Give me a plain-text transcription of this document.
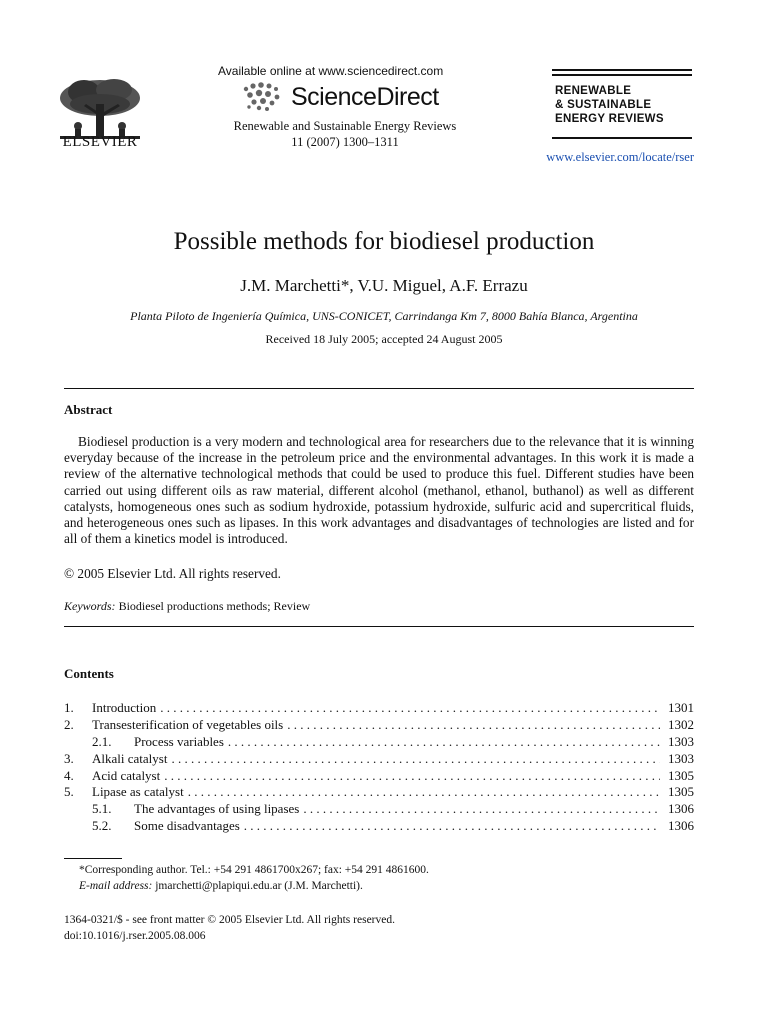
ELSEVIER
Available online at www.sciencedirect.com
ScienceDirect
Renewable and Sustainable Energy Reviews
11 (2007) 1300–1311
RENEWABLE
& SUSTAINABLE
ENERGY REVIEWS
www.elsevier.com/locate/rser
Possible methods for biodiesel production
J.M. Marchetti*, V.U. Miguel, A.F. Errazu
Planta Piloto de Ingeniería Química, UNS-CONICET, Carrindanga Km 7, 8000 Bahía Blanca, Argentina
Received 18 July 2005; accepted 24 August 2005
Abstract
Biodiesel production is a very modern and technological area for researchers due to the relevance that it is winning everyday because of the increase in the petroleum price and the environmental advantages. In this work it is made a review of the alternative technological methods that could be used to produce this fuel. Different studies have been carried out using different oils as raw material, different alcohol (methanol, ethanol, buthanol) as well as different catalysts, homogeneous ones such as sodium hydroxide, potassium hydroxide, sulfuric acid and supercritical fluids, and heterogeneous ones such as lipases. In this work advantages and disadvantages of technologies are listed and for all of them a kinetics model is introduced.
© 2005 Elsevier Ltd. All rights reserved.
Keywords: Biodiesel productions methods; Review
Contents
1.	Introduction . . .	1301
2.	Transesterification of vegetables oils . . .	1302
2.1.	Process variables . . .	1303
3.	Alkali catalyst . . .	1303
4.	Acid catalyst . . .	1305
5.	Lipase as catalyst . . .	1305
5.1.	The advantages of using lipases . . .	1306
5.2.	Some disadvantages . . .	1306
*Corresponding author. Tel.: +54 291 4861700x267; fax: +54 291 4861600.
E-mail address: jmarchetti@plapiqui.edu.ar (J.M. Marchetti).
1364-0321/$ - see front matter © 2005 Elsevier Ltd. All rights reserved.
doi:10.1016/j.rser.2005.08.006
